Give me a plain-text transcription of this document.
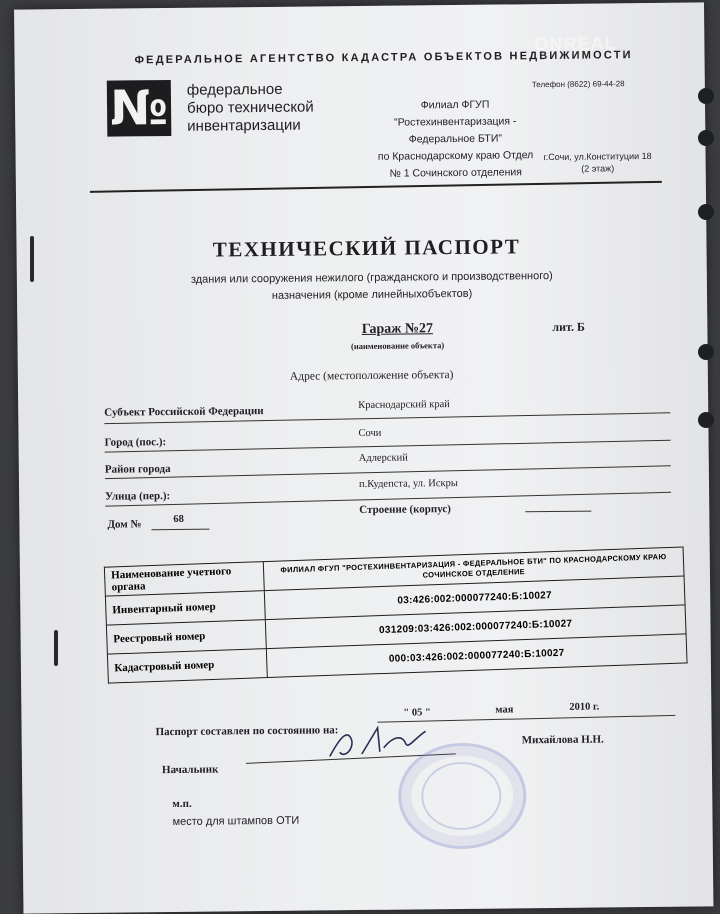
ONREAL
ФЕДЕРАЛЬНОЕ АГЕНТСТВО КАДАСТРА ОБЪЕКТОВ НЕДВИЖИМОСТИ
№ федеральное
бюро технической
инвентаризации
Филиал ФГУП
"Ростехинвентаризация -
Федеральное БТИ"
по Краснодарскому краю Отдел
№ 1 Сочинского отделения
Телефон (8622) 69-44-28
г.Сочи, ул.Конституции 18
(2 этаж)
ТЕХНИЧЕСКИЙ ПАСПОРТ
здания или сооружения нежилого (гражданского и производственного)
назначения (кроме линейныхобъектов)
Гараж №27
(наименование объекта)
лит. Б
Адрес (местоположение объекта)
Субъект Российской Федерации	Краснодарский край
Город (пос.):
Сочи
Район города
Адлерский
Улица (пер.):
п.Кудепста, ул. Искры
Дом №	68
Строение (корпус)
Наименование учетного органа	ФИЛИАЛ ФГУП "РОСТЕХИНВЕНТАРИЗАЦИЯ - ФЕДЕРАЛЬНОЕ БТИ" ПО КРАСНОДАРСКОМУ КРАЮ СОЧИНСКОЕ ОТДЕЛЕНИЕ
Инвентарный номер	03:426:002:000077240:Б:10027
Реестровый номер	031209:03:426:002:000077240:Б:10027
Кадастровый номер	000:03:426:002:000077240:Б:10027
Паспорт составлен по состоянию на:
" 05 "	мая	2010 г.
Начальник
Михайлова Н.Н.
м.п.
место для штампов ОТИ
